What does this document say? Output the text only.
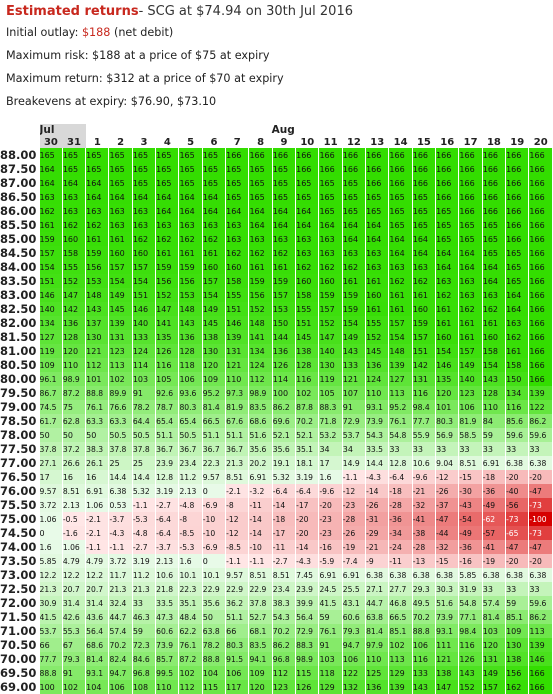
Estimated returns- SCG at $74.94 on 30th Jul 2016
Initial outlay: $188 (net debit)
Maximum risk: $188 at a price of $75 at expiry
Maximum return: $312 at a price of $70 at expiry
Breakevens at expiry: $76.90, $73.10
	Jul		Aug																			
	30	31	1	2	3	4	5	6	7	8	9	10	11	12	13	14	15	16	17	18	19	20
88.00	165	165	165	165	165	165	165	165	166	166	166	166	166	166	166	166	166	166	166	166	166	166
87.50	164	165	165	165	165	165	165	165	165	165	165	166	166	166	166	166	166	166	166	166	166	166
87.00	164	164	164	165	165	165	165	165	165	165	165	165	165	165	166	166	166	166	166	166	166	166
86.50	163	163	164	164	164	164	164	164	165	165	165	165	165	165	165	165	165	166	166	166	166	166
86.00	162	163	163	163	163	164	164	164	164	164	164	164	165	165	165	165	165	165	166	166	166	166
85.50	161	162	162	163	163	163	163	163	163	164	164	164	164	164	164	165	165	165	165	165	166	166
85.00	159	160	161	161	162	162	162	162	163	163	163	163	163	164	164	164	164	165	165	165	166	166
84.50	157	158	159	160	160	161	161	161	162	162	162	163	163	163	163	164	164	164	164	165	165	166
84.00	154	155	156	157	157	159	159	160	160	161	161	162	162	162	163	163	163	164	164	164	165	166
83.50	151	152	153	154	154	156	156	157	158	159	159	160	160	161	161	162	162	163	163	164	165	166
83.00	146	147	148	149	151	152	153	154	155	156	157	158	159	159	160	161	161	162	163	163	164	166
82.50	140	142	143	145	146	147	148	149	151	152	153	155	157	159	161	161	160	161	162	162	164	166
82.00	134	136	137	139	140	141	143	145	146	148	150	151	152	154	155	157	159	161	161	161	163	166
81.50	127	128	130	131	133	135	136	138	139	141	144	145	147	149	152	154	157	160	161	160	162	166
81.00	119	120	121	123	124	126	128	130	131	134	136	138	140	143	145	148	151	154	157	158	161	166
80.50	109	110	112	113	114	116	118	120	121	124	126	128	130	133	136	139	142	146	149	154	158	166
80.00	96.1	98.9	101	102	103	105	106	109	110	112	114	116	119	121	124	127	131	135	140	143	150	166
79.50	86.7	87.2	88.8	89.9	91	92.6	93.6	95.2	97.3	98.9	100	102	105	107	110	113	116	120	123	128	134	139
79.00	74.5	75	76.1	76.6	78.2	78.7	80.3	81.4	81.9	83.5	86.2	87.8	88.3	91	93.1	95.2	98.4	101	106	110	116	122
78.50	61.7	62.8	63.3	63.3	64.4	65.4	65.4	66.5	67.6	68.6	69.6	70.2	71.8	72.9	73.9	76.1	77.7	80.3	81.9	84	85.6	86.2
78.00	50	50	50	50.5	50.5	51.1	50.5	51.1	51.1	51.6	52.1	52.1	53.2	53.7	54.3	54.8	55.9	56.9	58.5	59	59.6	59.6
77.50	37.8	37.2	38.3	37.8	37.8	36.7	36.7	36.7	36.7	35.6	35.6	35.1	34	34	33.5	33	33	33	33	33	33	33
77.00	27.1	26.6	26.1	25	25	23.9	23.4	22.3	21.3	20.2	19.1	18.1	17	14.9	14.4	12.8	10.6	9.04	8.51	6.91	6.38	6.38
76.50	17	16	16	14.4	14.4	12.8	11.2	9.57	8.51	6.91	5.32	3.19	1.6	-1.1	-4.3	-6.4	-9.6	-12	-15	-18	-20	-20
76.00	9.57	8.51	6.91	6.38	5.32	3.19	2.13	0	-2.1	-3.2	-6.4	-6.4	-9.6	-12	-14	-18	-21	-26	-30	-36	-40	-47
75.50	3.72	2.13	1.06	0.53	-1.1	-2.7	-4.8	-6.9	-8	-11	-14	-17	-20	-23	-26	-28	-32	-37	-43	-49	-56	-73
75.00	1.06	-0.5	-2.1	-3.7	-5.3	-6.4	-8	-10	-12	-14	-18	-20	-23	-28	-31	-36	-41	-47	-54	-62	-73	-100
74.50	0	-1.6	-2.1	-4.3	-4.8	-6.4	-8.5	-10	-12	-14	-17	-20	-23	-26	-29	-34	-38	-44	-49	-57	-65	-73
74.00	1.6	1.06	-1.1	-1.1	-2.7	-3.7	-5.3	-6.9	-8.5	-10	-11	-14	-16	-19	-21	-24	-28	-32	-36	-41	-47	-47
73.50	5.85	4.79	4.79	3.72	3.19	2.13	1.6	0	-1.1	-1.1	-2.7	-4.3	-5.9	-7.4	-9	-11	-13	-15	-16	-19	-20	-20
73.00	12.2	12.2	12.2	11.7	11.2	10.6	10.1	10.1	9.57	8.51	8.51	7.45	6.91	6.91	6.38	6.38	6.38	6.38	5.85	6.38	6.38	6.38
72.50	21.3	20.7	20.7	21.3	21.3	21.8	22.3	22.9	22.9	22.9	23.4	23.9	24.5	25.5	27.1	27.7	29.3	30.3	31.9	33	33	33
72.00	30.9	31.4	31.4	32.4	33	33.5	35.1	35.6	36.2	37.8	38.3	39.9	41.5	43.1	44.7	46.8	49.5	51.6	54.8	57.4	59	59.6
71.50	41.5	42.6	43.6	44.7	46.3	47.3	48.4	50	51.1	52.7	54.3	56.4	59	60.6	63.8	66.5	70.2	73.9	77.1	81.4	85.1	86.2
71.00	53.7	55.3	56.4	57.4	59	60.6	62.2	63.8	66	68.1	70.2	72.9	76.1	79.3	81.4	85.1	88.8	93.1	98.4	103	109	113
70.50	66	67	68.6	70.2	72.3	73.9	76.1	78.2	80.3	83.5	86.2	88.3	91	94.7	97.9	102	106	111	116	120	130	139
70.00	77.7	79.3	81.4	82.4	84.6	85.7	87.2	88.8	91.5	94.1	96.8	98.9	103	106	110	113	116	121	126	131	138	146
69.50	88.8	91	93.1	94.7	96.8	99.5	102	104	106	109	112	115	118	122	125	129	133	138	143	149	156	166
69.00	100	102	104	106	108	110	112	115	117	120	123	126	129	132	136	139	143	147	152	157	162	166
